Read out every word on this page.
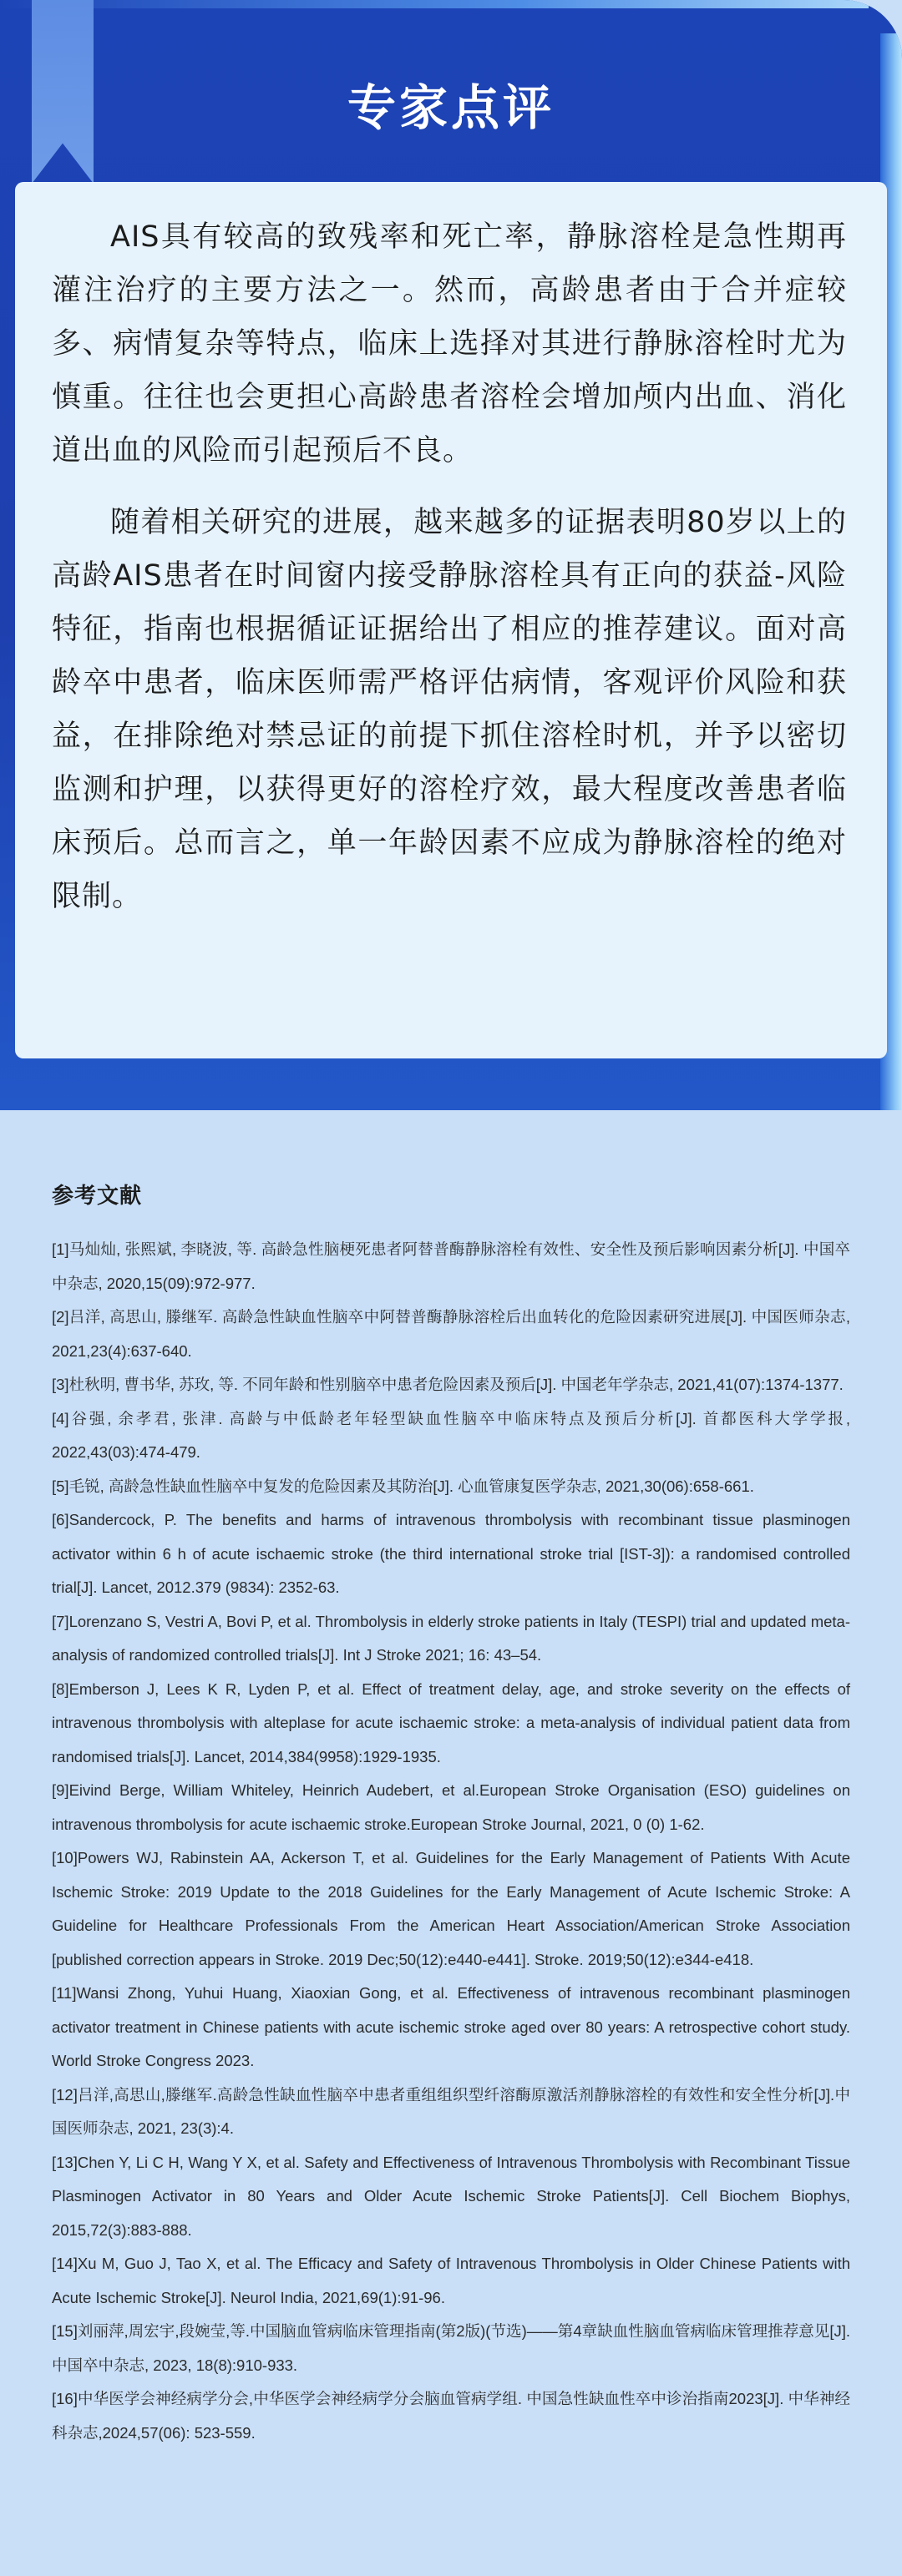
专家点评

AIS具有较高的致残率和死亡率，静脉溶栓是急性期再灌注治疗的主要方法之一。然而，高龄患者由于合并症较多、病情复杂等特点，临床上选择对其进行静脉溶栓时尤为慎重。往往也会更担心高龄患者溶栓会增加颅内出血、消化道出血的风险而引起预后不良。

随着相关研究的进展，越来越多的证据表明80岁以上的高龄AIS患者在时间窗内接受静脉溶栓具有正向的获益-风险特征，指南也根据循证证据给出了相应的推荐建议。面对高龄卒中患者，临床医师需严格评估病情，客观评价风险和获益，在排除绝对禁忌证的前提下抓住溶栓时机，并予以密切监测和护理，以获得更好的溶栓疗效，最大程度改善患者临床预后。总而言之，单一年龄因素不应成为静脉溶栓的绝对限制。

参考文献
[1]马灿灿, 张熙斌, 李晓波, 等. 高龄急性脑梗死患者阿替普酶静脉溶栓有效性、安全性及预后影响因素分析[J]. 中国卒中杂志, 2020,15(09):972-977.
[2]吕洋, 高思山, 滕继军. 高龄急性缺血性脑卒中阿替普酶静脉溶栓后出血转化的危险因素研究进展[J]. 中国医师杂志, 2021,23(4):637-640.
[3]杜秋明, 曹书华, 苏玫, 等. 不同年龄和性别脑卒中患者危险因素及预后[J]. 中国老年学杂志, 2021,41(07):1374-1377.
[4]谷强, 余孝君, 张津. 高龄与中低龄老年轻型缺血性脑卒中临床特点及预后分析[J]. 首都医科大学学报, 2022,43(03):474-479.
[5]毛锐, 高龄急性缺血性脑卒中复发的危险因素及其防治[J]. 心血管康复医学杂志, 2021,30(06):658-661.
[6]Sandercock, P. The benefits and harms of intravenous thrombolysis with recombinant tissue plasminogen activator within 6 h of acute ischaemic stroke (the third international stroke trial [IST-3]): a randomised controlled trial[J]. Lancet, 2012.379 (9834): 2352-63.
[7]Lorenzano S, Vestri A, Bovi P, et al. Thrombolysis in elderly stroke patients in Italy (TESPI) trial and updated meta-analysis of randomized controlled trials[J]. Int J Stroke 2021; 16: 43–54.
[8]Emberson J, Lees K R, Lyden P, et al. Effect of treatment delay, age, and stroke severity on the effects of intravenous thrombolysis with alteplase for acute ischaemic stroke: a meta-analysis of individual patient data from randomised trials[J]. Lancet, 2014,384(9958):1929-1935.
[9]Eivind Berge, William Whiteley, Heinrich Audebert, et al.European Stroke Organisation (ESO) guidelines on intravenous thrombolysis for acute ischaemic stroke.European Stroke Journal, 2021, 0 (0) 1-62.
[10]Powers WJ, Rabinstein AA, Ackerson T, et al. Guidelines for the Early Management of Patients With Acute Ischemic Stroke: 2019 Update to the 2018 Guidelines for the Early Management of Acute Ischemic Stroke: A Guideline for Healthcare Professionals From the American Heart Association/American Stroke Association [published correction appears in Stroke. 2019 Dec;50(12):e440-e441]. Stroke. 2019;50(12):e344-e418.
[11]Wansi Zhong, Yuhui Huang, Xiaoxian Gong, et al. Effectiveness of intravenous recombinant plasminogen activator treatment in Chinese patients with acute ischemic stroke aged over 80 years: A retrospective cohort study. World Stroke Congress 2023.
[12]吕洋,高思山,滕继军.高龄急性缺血性脑卒中患者重组组织型纤溶酶原激活剂静脉溶栓的有效性和安全性分析[J].中国医师杂志, 2021, 23(3):4.
[13]Chen Y, Li C H, Wang Y X, et al. Safety and Effectiveness of Intravenous Thrombolysis with Recombinant Tissue Plasminogen Activator in 80 Years and Older Acute Ischemic Stroke Patients[J]. Cell Biochem Biophys, 2015,72(3):883-888.
[14]Xu M, Guo J, Tao X, et al. The Efficacy and Safety of Intravenous Thrombolysis in Older Chinese Patients with Acute Ischemic Stroke[J]. Neurol India, 2021,69(1):91-96.
[15]刘丽萍,周宏宇,段婉莹,等.中国脑血管病临床管理指南(第2版)(节选)——第4章缺血性脑血管病临床管理推荐意见[J].中国卒中杂志, 2023, 18(8):910-933.
[16]中华医学会神经病学分会,中华医学会神经病学分会脑血管病学组. 中国急性缺血性卒中诊治指南2023[J]. 中华神经科杂志,2024,57(06): 523-559.
